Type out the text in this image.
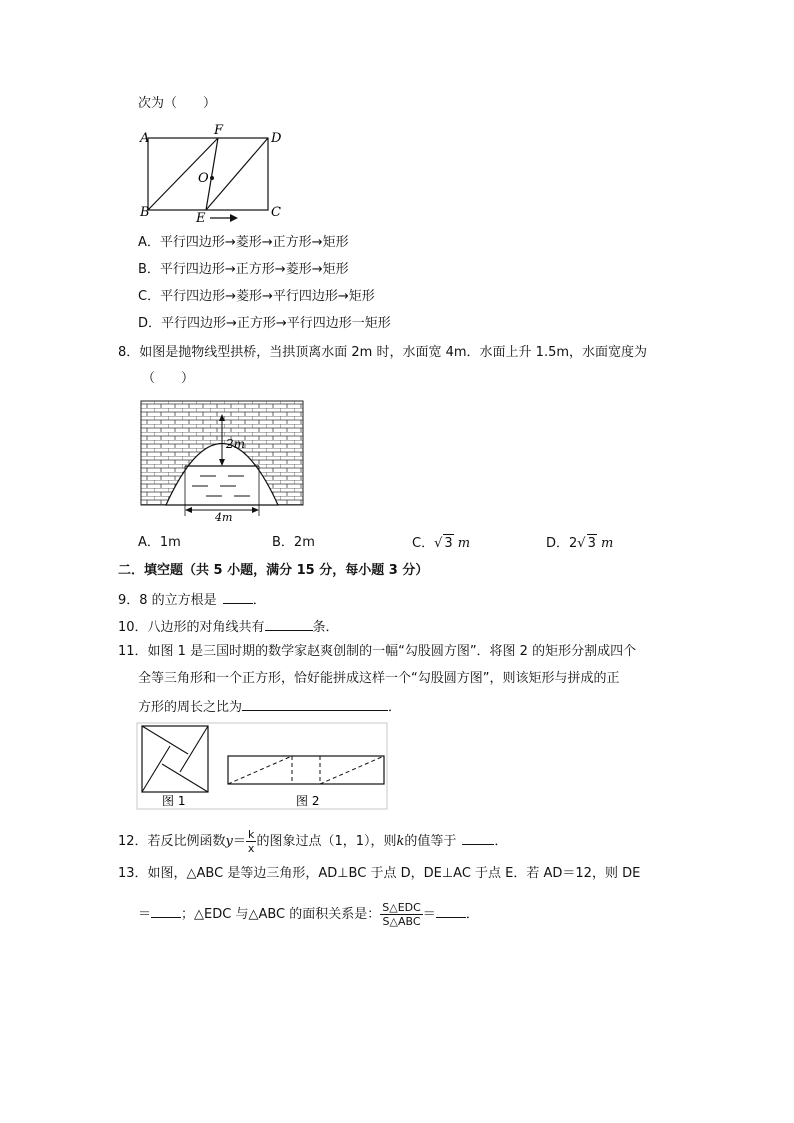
次为（　　）
A
F
D
O
B	E	C
A．平行四边形→菱形→正方形→矩形
B．平行四边形→正方形→菱形→矩形
C．平行四边形→菱形→平行四边形→矩形
D．平行四边形→正方形→平行四边形一矩形
8．如图是抛物线型拱桥，当拱顶离水面 2m 时，水面宽 4m．水面上升 1.5m，水面宽度为
（　　）
2m
4m
A．1m	B．2m	C．√ 3 m	D．2√ 3 m
二．填空题（共 5 小题，满分 15 分，每小题 3 分）
9．8 的立方根是	．
10．八边形的对角线共有	条．
11．如图 1 是三国时期的数学家赵爽创制的一幅“勾股圆方图”．将图 2 的矩形分割成四个
全等三角形和一个正方形，恰好能拼成这样一个“勾股圆方图”，则该矩形与拼成的正
方形的周长之比为	．
图 1	图 2
12．若反比例函数$y= \frac{k}{x}$ 的图象过点（1，1），则k的值等于	．
13．如图，△ABC 是等边三角形，AD⊥BC 于点 D，DE⊥AC 于点 E．若 AD＝12，则 DE
＝ ；△EDC 与△ABC 的面积关系是： $\frac{\text{S△EDC}}{\text{S△ABC}}$ ＝ ．
